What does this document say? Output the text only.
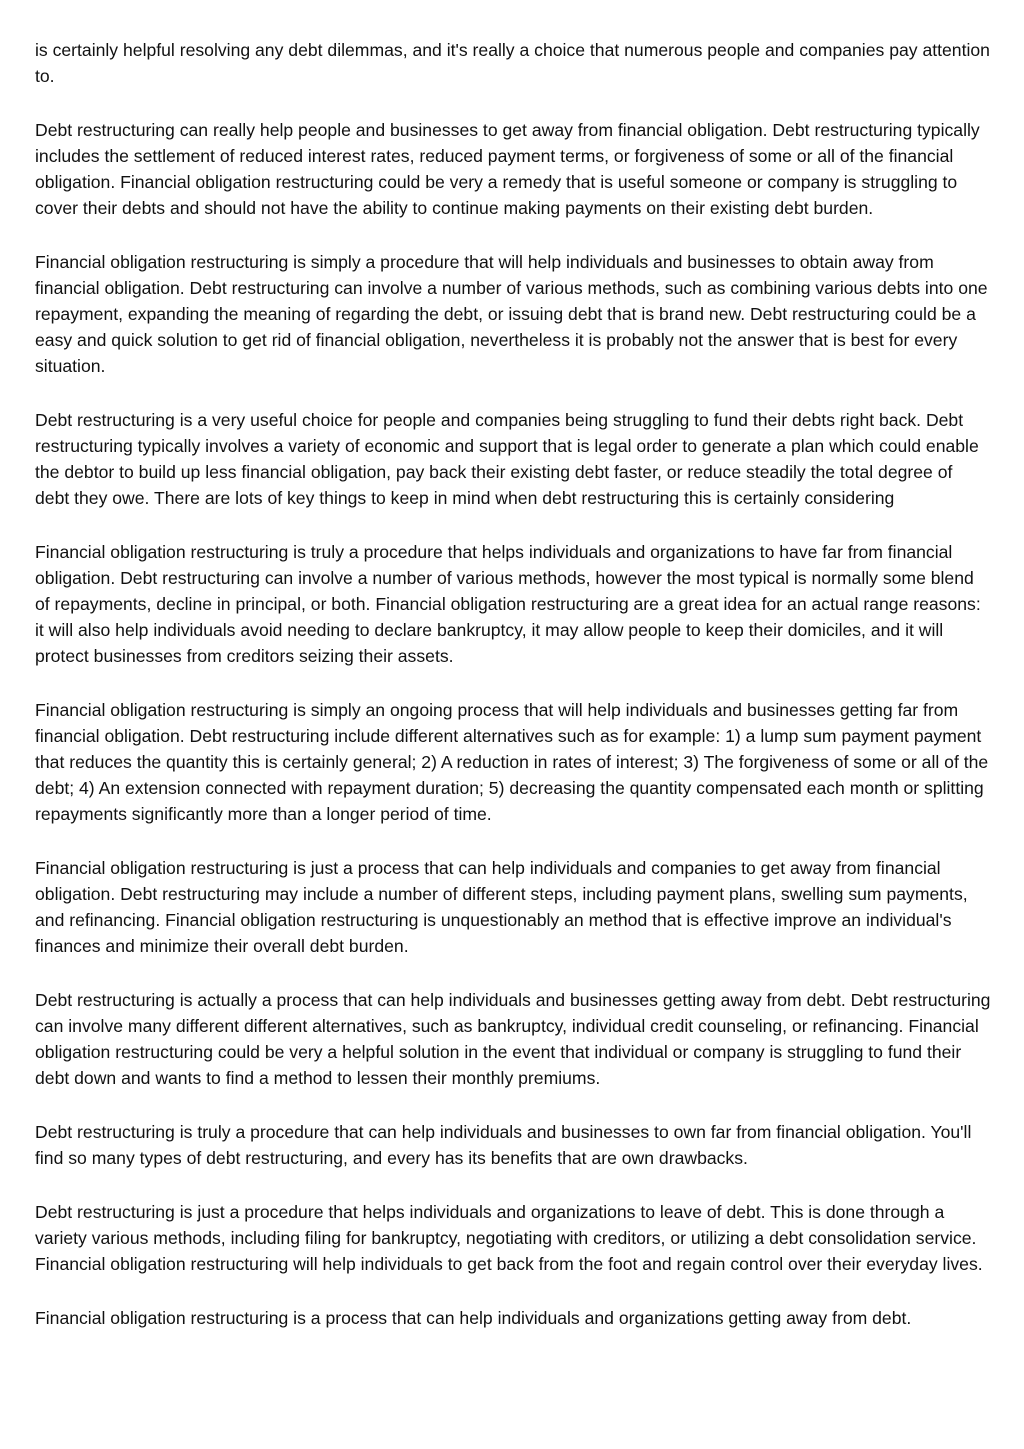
is certainly helpful resolving any debt dilemmas, and it's really a choice that numerous people and companies pay attention to.

Debt restructuring can really help people and businesses to get away from financial obligation. Debt restructuring typically includes the settlement of reduced interest rates, reduced payment terms, or forgiveness of some or all of the financial obligation. Financial obligation restructuring could be very a remedy that is useful someone or company is struggling to cover their debts and should not have the ability to continue making payments on their existing debt burden.

Financial obligation restructuring is simply a procedure that will help individuals and businesses to obtain away from financial obligation. Debt restructuring can involve a number of various methods, such as combining various debts into one repayment, expanding the meaning of regarding the debt, or issuing debt that is brand new. Debt restructuring could be a easy and quick solution to get rid of financial obligation, nevertheless it is probably not the answer that is best for every situation.

Debt restructuring is a very useful choice for people and companies being struggling to fund their debts right back. Debt restructuring typically involves a variety of economic and support that is legal order to generate a plan which could enable the debtor to build up less financial obligation, pay back their existing debt faster, or reduce steadily the total degree of debt they owe. There are lots of key things to keep in mind when debt restructuring this is certainly considering

Financial obligation restructuring is truly a procedure that helps individuals and organizations to have far from financial obligation. Debt restructuring can involve a number of various methods, however the most typical is normally some blend of repayments, decline in principal, or both. Financial obligation restructuring are a great idea for an actual range reasons: it will also help individuals avoid needing to declare bankruptcy, it may allow people to keep their domiciles, and it will protect businesses from creditors seizing their assets.

Financial obligation restructuring is simply an ongoing process that will help individuals and businesses getting far from financial obligation. Debt restructuring include different alternatives such as for example: 1) a lump sum payment payment that reduces the quantity this is certainly general; 2) A reduction in rates of interest; 3) The forgiveness of some or all of the debt; 4) An extension connected with repayment duration; 5) decreasing the quantity compensated each month or splitting repayments significantly more than a longer period of time.

Financial obligation restructuring is just a process that can help individuals and companies to get away from financial obligation. Debt restructuring may include a number of different steps, including payment plans, swelling sum payments, and refinancing. Financial obligation restructuring is unquestionably an method that is effective improve an individual's finances and minimize their overall debt burden.

Debt restructuring is actually a process that can help individuals and businesses getting away from debt. Debt restructuring can involve many different different alternatives, such as bankruptcy, individual credit counseling, or refinancing. Financial obligation restructuring could be very a helpful solution in the event that individual or company is struggling to fund their debt down and wants to find a method to lessen their monthly premiums.

Debt restructuring is truly a procedure that can help individuals and businesses to own far from financial obligation. You'll find so many types of debt restructuring, and every has its benefits that are own drawbacks.

Debt restructuring is just a procedure that helps individuals and organizations to leave of debt. This is done through a variety various methods, including filing for bankruptcy, negotiating with creditors, or utilizing a debt consolidation service. Financial obligation restructuring will help individuals to get back from the foot and regain control over their everyday lives.

Financial obligation restructuring is a process that can help individuals and organizations getting away from debt.
